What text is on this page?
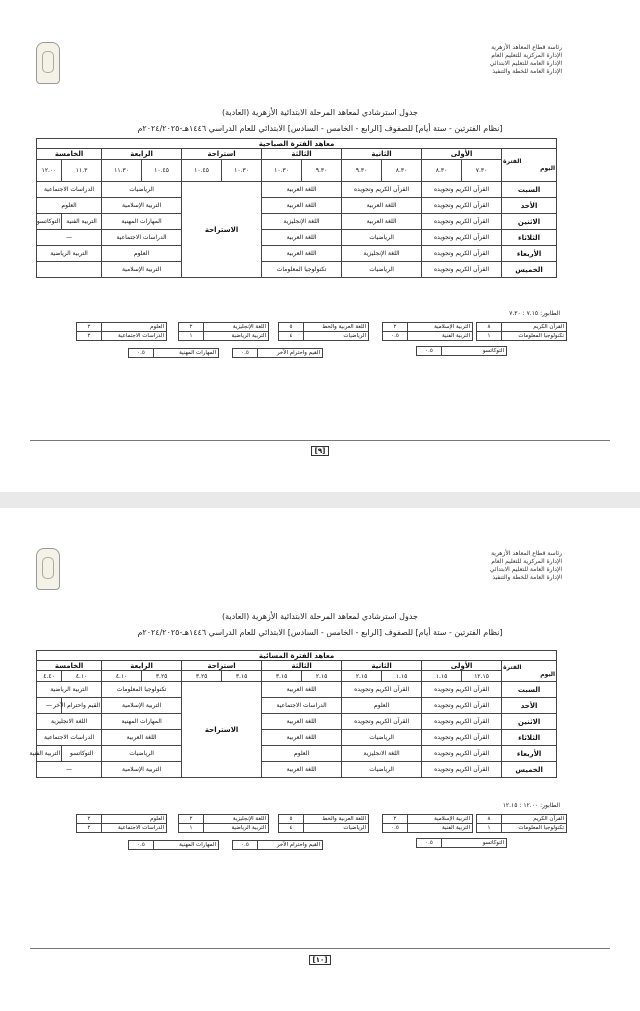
رئاسة قطاع المعاهد الأزهرية
الإدارة المركزية للتعليم العام
الإدارة العامة للتعليم الابتدائي
الإدارة العامة للخطة والتنفيذ
جدول استرشادي لمعاهد المرحلة الابتدائية الأزهرية (العادية)
[نظام الفترتين - ستة أيام] للصفوف [الرابع - الخامس - السادس] الابتدائي للعام الدراسي ١٤٤٦هـ-٢٠٢٤/٢٠٢٥م
معاهد الفترة الصباحية												

الفترة
اليوم	الأولى		الثانية		الثالثة		استراحة		الرابعة		الخامسة	
	٧.٣٠	٨.٣٠	٨.٣٠	٩.٣٠	٩.٣٠	١٠.٣٠	١٠.٣٠	١٠.٤٥	١٠.٤٥	١١.٣٠	١١.٣	١٢.٠٠
السبت	القرآن الكريم وتجويده		القرآن الكريم وتجويده		اللغة العربية		الاستراحة		الرياضيات		الدراسات الاجتماعية	
الأحد	القرآن الكريم وتجويده		اللغة العربية		اللغة العربية				التربية الإسلامية		العلوم	
الاثنين	القرآن الكريم وتجويده		اللغة العربية		اللغة الإنجليزية				المهارات المهنية		التربية الفنية	التوكاتسو
الثلاثاء	القرآن الكريم وتجويده		الرياضيات		اللغة العربية				الدراسات الاجتماعية		—	
الأربعاء	القرآن الكريم وتجويده		اللغة الإنجليزية		اللغة العربية				العلوم		التربية الرياضية	
الخميس	القرآن الكريم وتجويده		الرياضيات		تكنولوجيا المعلومات				التربية الإسلامية			
الطابور: ٧.١٥ : ٧.٣٠
القرآن الكريم	٨
تكنولوجيا المعلومات	١
التربية الإسلامية	٢
التربية الفنية	٠.٥
اللغة العربية والخط	٥
الرياضيات	٤
اللغة الإنجليزية	٢
التربية الرياضية	١
العلوم	٢
الدراسات الاجتماعية	٢
التوكاتسو	٠.٥
القيم واحترام الآخر	٠.٥
المهارات المهنية	٠.٥
[٩]
رئاسة قطاع المعاهد الأزهرية
الإدارة المركزية للتعليم العام
الإدارة العامة للتعليم الابتدائي
الإدارة العامة للخطة والتنفيذ
جدول استرشادي لمعاهد المرحلة الابتدائية الأزهرية (العادية)
[نظام الفترتين - ستة أيام] للصفوف [الرابع - الخامس - السادس] الابتدائي للعام الدراسي ١٤٤٦هـ-٢٠٢٤/٢٠٢٥م
معاهد الفترة المسائية												

الفترة
اليوم	الأولى		الثانية		الثالثة		استراحة		الرابعة		الخامسة	
	١٢.١٥	١.١٥	١.١٥	٢.١٥	٢.١٥	٣.١٥	٣.١٥	٣.٢٥	٣.٢٥	٤.١٠	٤.١٠	٤.٤٠
السبت	القرآن الكريم وتجويده		القرآن الكريم وتجويده		اللغة العربية		الاستراحة		تكنولوجيا المعلومات		التربية الرياضية	
الأحد	القرآن الكريم وتجويده		العلوم		الدراسات الاجتماعية				التربية الإسلامية		القيم واحترام الآخر	—
الاثنين	القرآن الكريم وتجويده		القرآن الكريم وتجويده		اللغة العربية				المهارات المهنية		اللغة الانجليزية	
الثلاثاء	القرآن الكريم وتجويده		الرياضيات		اللغة العربية				اللغة العربية		الدراسات الاجتماعية	
الأربعاء	القرآن الكريم وتجويده		اللغة الانجليزية		العلوم				الرياضيات		التوكاتسو	التربية الفنية
الخميس	القرآن الكريم وتجويده		الرياضيات		اللغة العربية				التربية الإسلامية		—	
الطابور: ١٢.٠٠ : ١٢.١٥
القرآن الكريم	٨
تكنولوجيا المعلومات	١
التربية الإسلامية	٢
التربية الفنية	٠.٥
اللغة العربية والخط	٥
الرياضيات	٤
اللغة الإنجليزية	٢
التربية الرياضية	١
العلوم	٢
الدراسات الاجتماعية	٢
التوكاتسو	٠.٥
القيم واحترام الآخر	٠.٥
المهارات المهنية	٠.٥
[١٠]
